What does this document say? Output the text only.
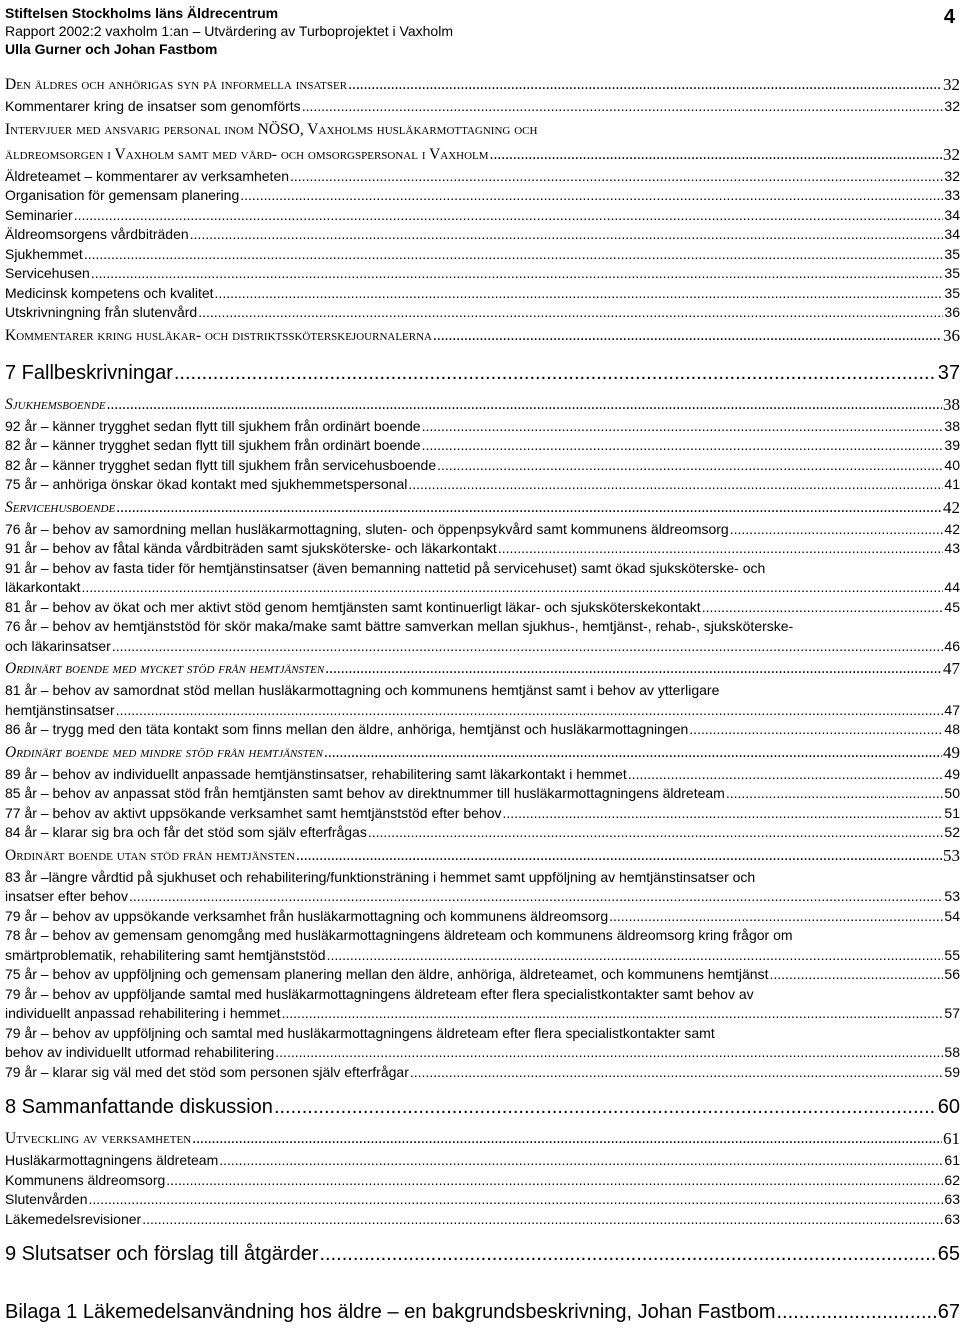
Stiftelsen Stockholms läns Äldrecentrum
Rapport 2002:2 vaxholm 1:an – Utvärdering av Turboprojektet i Vaxholm
Ulla Gurner och Johan Fastbom
4
Den äldres och anhörigas syn på informella insatser .....	32
Kommentarer kring de insatser som genomförts .....	32
Intervjuer med ansvarig personal inom NÖSO, Vaxholms husläkarmottagning och
äldreomsorgen i Vaxholm samt med vård- och omsorgspersonal i Vaxholm .....	32
Äldreteamet – kommentarer av verksamheten .....	32
Organisation för gemensam planering .....	33
Seminarier .....	34
Äldreomsorgens vårdbiträden .....	34
Sjukhemmet .....	35
Servicehusen .....	35
Medicinsk kompetens och kvalitet .....	35
Utskrivningning från slutenvård .....	36
Kommentarer kring husläkar- och distriktssköterskejournalerna .....	36
7 Fallbeskrivningar .....	37
Sjukhemsboende .....	38
92 år – känner trygghet sedan flytt till sjukhem från ordinärt boende .....	38
82 år – känner trygghet sedan flytt till sjukhem från ordinärt boende .....	39
82 år – känner trygghet sedan flytt till sjukhem från servicehusboende .....	40
75 år – anhöriga önskar ökad kontakt med sjukhemmetspersonal .....	41
Servicehusboende .....	42
76 år – behov av samordning mellan husläkarmottagning, sluten- och öppenpsykvård samt kommunens äldreomsorg .....	42
91 år – behov av fåtal kända vårdbiträden samt sjuksköterske- och läkarkontakt .....	43
91 år – behov av fasta tider för hemtjänstinsatser (även bemanning nattetid på servicehuset) samt ökad sjuksköterske- och
läkarkontakt .....	44
81 år – behov av ökat och mer aktivt stöd genom hemtjänsten samt kontinuerligt läkar- och sjuksköterskekontakt .....	45
76 år – behov av hemtjänststöd för skör maka/make samt bättre samverkan mellan sjukhus-, hemtjänst-, rehab-, sjuksköterske-
och läkarinsatser .....	46
Ordinärt boende med mycket stöd från hemtjänsten .....	47
81 år – behov av samordnat stöd mellan husläkarmottagning och kommunens hemtjänst samt i behov av ytterligare
hemtjänstinsatser .....	47
86 år – trygg med den täta kontakt som finns mellan den äldre, anhöriga, hemtjänst och husläkarmottagningen .....	48
Ordinärt boende med mindre stöd från hemtjänsten .....	49
89 år – behov av individuellt anpassade hemtjänstinsatser, rehabilitering samt läkarkontakt i hemmet .....	49
85 år – behov av anpassat stöd från hemtjänsten samt behov av direktnummer till husläkarmottagningens äldreteam .....	50
77 år – behov av aktivt uppsökande verksamhet samt hemtjänststöd efter behov .....	51
84 år – klarar sig bra och får det stöd som själv efterfrågas .....	52
Ordinärt boende utan stöd från hemtjänsten .....	53
83 år –längre vårdtid på sjukhuset och rehabilitering/funktionsträning i hemmet samt uppföljning av hemtjänstinsatser och
insatser efter behov .....	53
79 år – behov av uppsökande verksamhet från husläkarmottagning och kommunens äldreomsorg .....	54
78 år – behov av gemensam genomgång med husläkarmottagningens äldreteam och kommunens äldreomsorg kring frågor om
smärtproblematik, rehabilitering samt hemtjänststöd .....	55
75 år – behov av uppföljning och gemensam planering mellan den äldre, anhöriga, äldreteamet, och kommunens hemtjänst .....	56
79 år – behov av uppföljande samtal med husläkarmottagningens äldreteam efter flera specialistkontakter samt behov av
individuellt anpassad rehabilitering i hemmet .....	57
79 år – behov av uppföljning och samtal med husläkarmottagningens äldreteam efter flera specialistkontakter samt
behov av individuellt utformad rehabilitering .....	58
79 år – klarar sig väl med det stöd som personen själv efterfrågar .....	59
8 Sammanfattande diskussion .....	60
Utveckling av verksamheten .....	61
Husläkarmottagningens äldreteam .....	61
Kommunens äldreomsorg .....	62
Slutenvården .....	63
Läkemedelsrevisioner .....	63
9 Slutsatser och förslag till åtgärder .....	65
Bilaga 1 Läkemedelsanvändning hos äldre – en bakgrundsbeskrivning, Johan Fastbom .....	67
